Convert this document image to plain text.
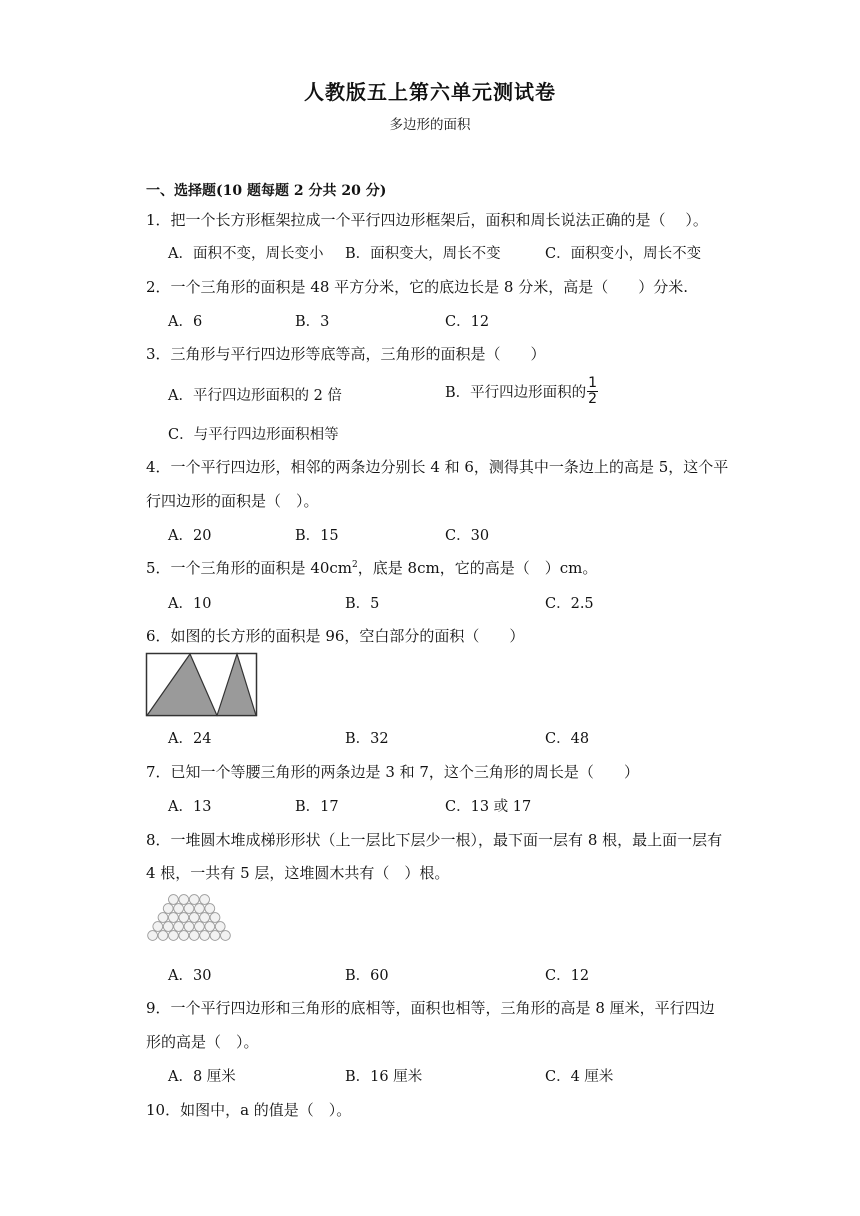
人教版五上第六单元测试卷
多边形的面积
一、选择题(10 题每题 2 分共 20 分)
1．把一个长方形框架拉成一个平行四边形框架后，面积和周长说法正确的是（ 　）。
A．面积不变，周长变小 B．面积变大，周长不变	C．面积变小，周长不变
2．一个三角形的面积是 48 平方分米，它的底边长是 8 分米，高是（　　）分米.
A．6	B．3	C．12
3．三角形与平行四边形等底等高，三角形的面积是（　　）
A．平行四边形面积的 2 倍	B．平行四边形面积的 $\frac{1}{2}$
C．与平行四边形面积相等
4．一个平行四边形，相邻的两条边分别长 4 和 6，测得其中一条边上的高是 5，这个平
行四边形的面积是（　）。
A．20	B．15	C．30
5．一个三角形的面积是 $40cm^2$，底是 8cm，它的高是（　）cm。
A．10	B．5	C．2.5
6．如图的长方形的面积是 96，空白部分的面积（　　）
A．24	B．32	C．48
7．已知一个等腰三角形的两条边是 3 和 7，这个三角形的周长是（　　）
A．13	B．17	C．13 或 17
8．一堆圆木堆成梯形形状（上一层比下层少一根），最下面一层有 8 根，最上面一层有
4 根，一共有 5 层，这堆圆木共有（　）根。
A．30	B．60	C．12
9．一个平行四边形和三角形的底相等，面积也相等，三角形的高是 8 厘米，平行四边
形的高是（　）。
A．8 厘米	B．16 厘米	C．4 厘米
10．如图中，a 的值是（　）。
